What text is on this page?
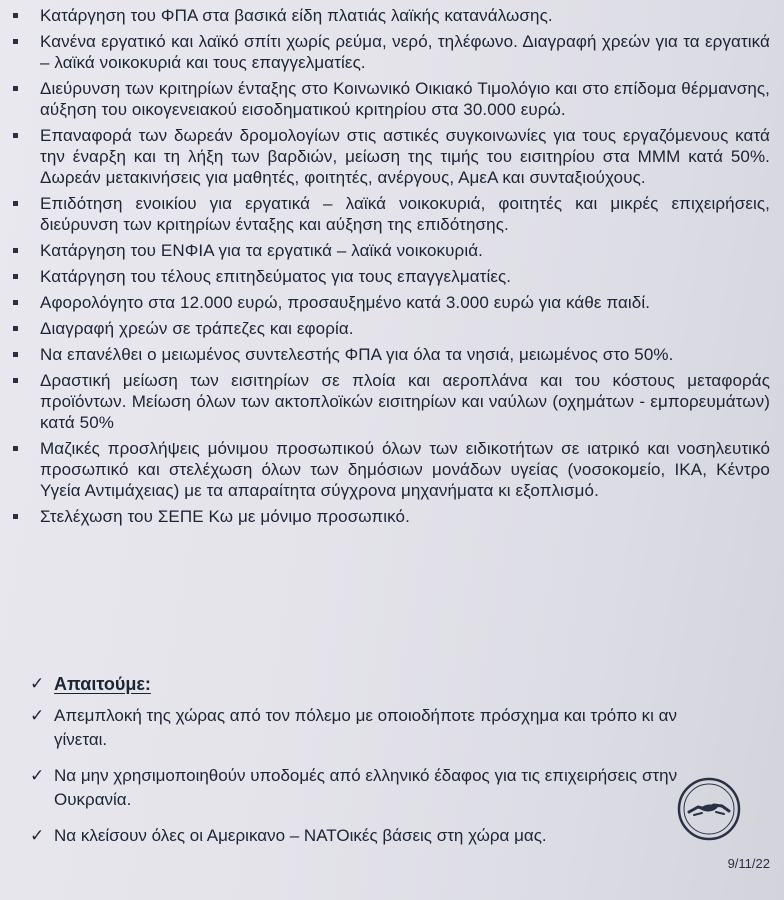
Κατάργηση του ΦΠΑ στα βασικά είδη πλατιάς λαϊκής κατανάλωσης.
Κανένα εργατικό και λαϊκό σπίτι χωρίς ρεύμα, νερό, τηλέφωνο. Διαγραφή χρεών για τα εργατικά – λαϊκά νοικοκυριά και τους επαγγελματίες.
Διεύρυνση των κριτηρίων ένταξης στο Κοινωνικό Οικιακό Τιμολόγιο και στο επίδομα θέρμανσης, αύξηση του οικογενειακού εισοδηματικού κριτηρίου στα 30.000 ευρώ.
Επαναφορά των δωρεάν δρομολογίων στις αστικές συγκοινωνίες για τους εργαζόμενους κατά την έναρξη και τη λήξη των βαρδιών, μείωση της τιμής του εισιτηρίου στα ΜΜΜ κατά 50%. Δωρεάν μετακινήσεις για μαθητές, φοιτητές, ανέργους, ΑμεΑ και συνταξιούχους.
Επιδότηση ενοικίου για εργατικά – λαϊκά νοικοκυριά, φοιτητές και μικρές επιχειρήσεις, διεύρυνση των κριτηρίων ένταξης και αύξηση της επιδότησης.
Κατάργηση του ΕΝΦΙΑ για τα εργατικά – λαϊκά νοικοκυριά.
Κατάργηση του τέλους επιτηδεύματος για τους επαγγελματίες.
Αφορολόγητο στα 12.000 ευρώ, προσαυξημένο κατά 3.000 ευρώ για κάθε παιδί.
Διαγραφή χρεών σε τράπεζες και εφορία.
Να επανέλθει ο μειωμένος συντελεστής ΦΠΑ για όλα τα νησιά, μειωμένος στο 50%.
Δραστική μείωση των εισιτηρίων σε πλοία και αεροπλάνα και του κόστους μεταφοράς προϊόντων. Μείωση όλων των ακτοπλοϊκών εισιτηρίων και ναύλων (οχημάτων - εμπορευμάτων) κατά 50%
Μαζικές προσλήψεις μόνιμου προσωπικού όλων των ειδικοτήτων σε ιατρικό και νοσηλευτικό προσωπικό και στελέχωση όλων των δημόσιων μονάδων υγείας (νοσοκομείο, ΙΚΑ, Κέντρο Υγεία Αντιμάχειας) με τα απαραίτητα σύγχρονα μηχανήματα κι εξοπλισμό.
Στελέχωση του ΣΕΠΕ Κω με μόνιμο προσωπικό.
✓ Απαιτούμε:
✓ Απεμπλοκή της χώρας από τον πόλεμο με οποιοδήποτε πρόσχημα και τρόπο κι αν γίνεται.
✓ Να μην χρησιμοποιηθούν υποδομές από ελληνικό έδαφος για τις επιχειρήσεις στην Ουκρανία.
✓ Να κλείσουν όλες οι Αμερικανο – ΝΑΤΟικές βάσεις στη χώρα μας.
9/11/22
